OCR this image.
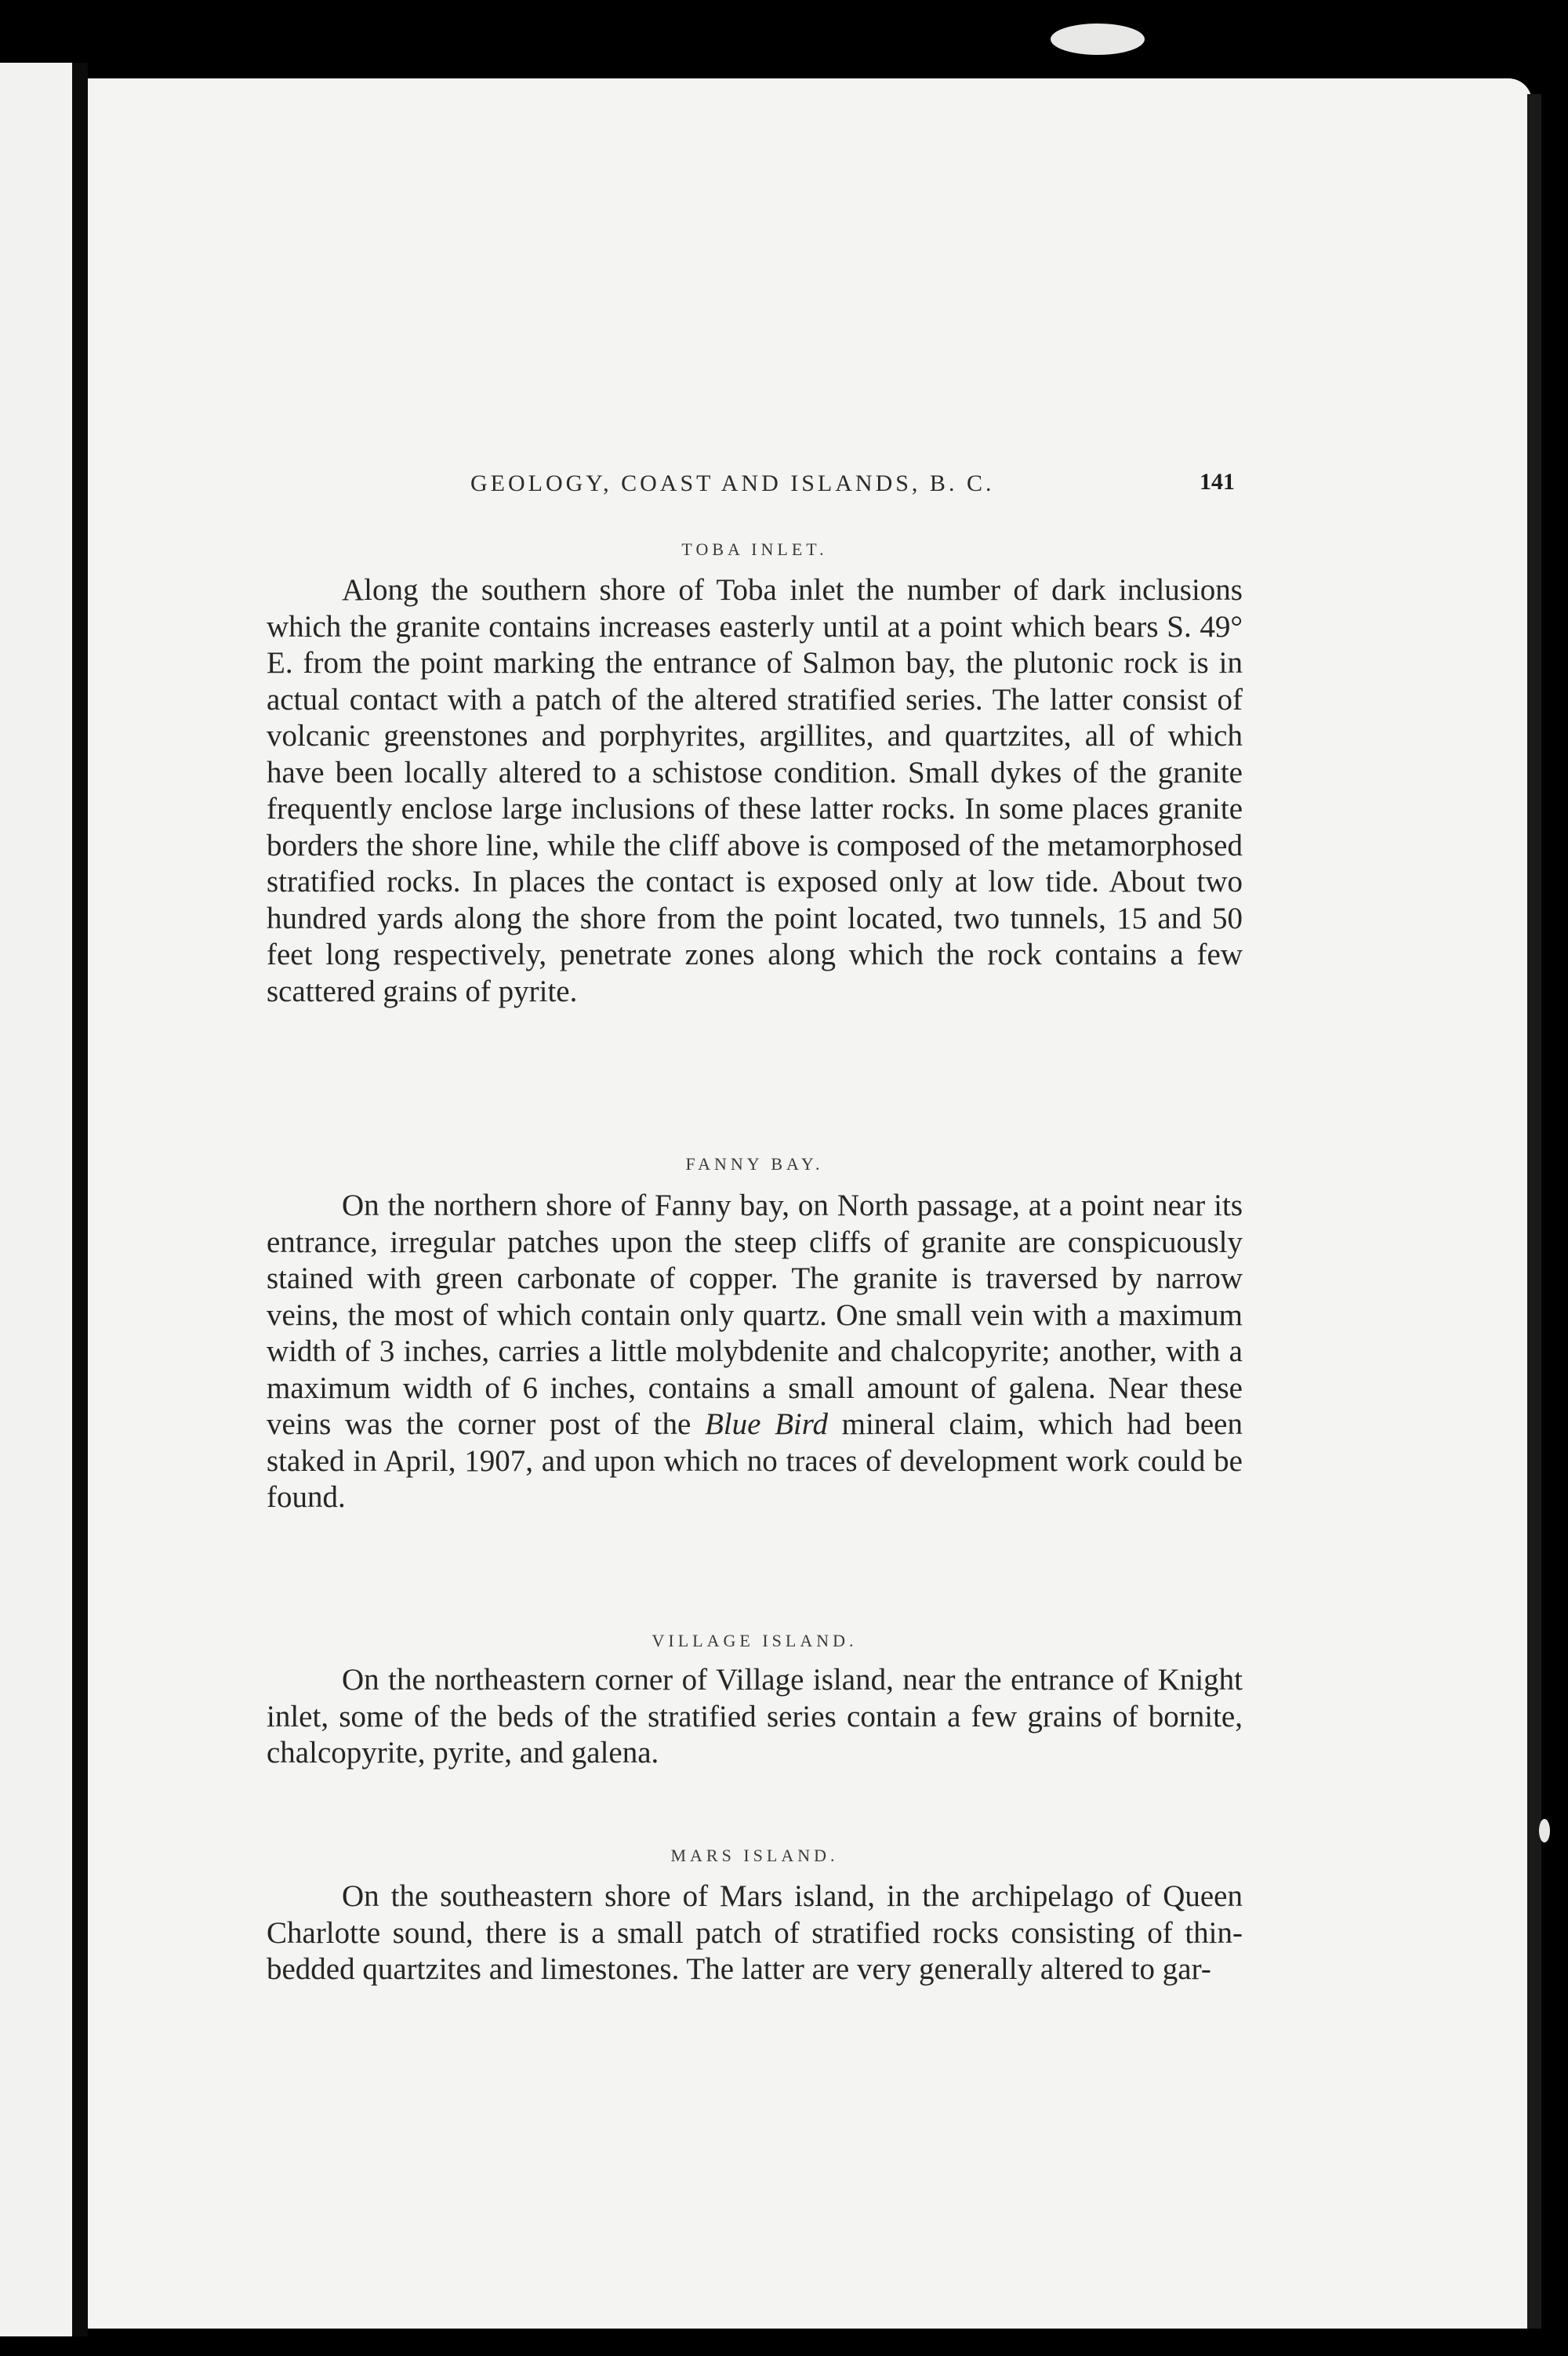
GEOLOGY, COAST AND ISLANDS, B. C.	141
TOBA INLET.

Along the southern shore of Toba inlet the number of dark inclusions which the granite contains increases easterly until at a point which bears S. 49° E. from the point marking the entrance of Salmon bay, the plutonic rock is in actual contact with a patch of the altered stratified series. The latter consist of volcanic greenstones and porphyrites, argillites, and quartzites, all of which have been locally altered to a schistose condition. Small dykes of the granite frequently enclose large inclusions of these latter rocks. In some places granite borders the shore line, while the cliff above is composed of the metamorphosed stratified rocks. In places the contact is exposed only at low tide. About two hundred yards along the shore from the point located, two tunnels, 15 and 50 feet long respectively, penetrate zones along which the rock contains a few scattered grains of pyrite.

FANNY BAY.

On the northern shore of Fanny bay, on North passage, at a point near its entrance, irregular patches upon the steep cliffs of granite are conspicuously stained with green carbonate of copper. The granite is traversed by narrow veins, the most of which contain only quartz. One small vein with a maximum width of 3 inches, carries a little molybdenite and chalcopyrite; another, with a maximum width of 6 inches, contains a small amount of galena. Near these veins was the corner post of the Blue Bird mineral claim, which had been staked in April, 1907, and upon which no traces of development work could be found.

VILLAGE ISLAND.

On the northeastern corner of Village island, near the entrance of Knight inlet, some of the beds of the stratified series contain a few grains of bornite, chalcopyrite, pyrite, and galena.

MARS ISLAND.

On the southeastern shore of Mars island, in the archipelago of Queen Charlotte sound, there is a small patch of stratified rocks consisting of thin-bedded quartzites and limestones. The latter are very generally altered to gar-
